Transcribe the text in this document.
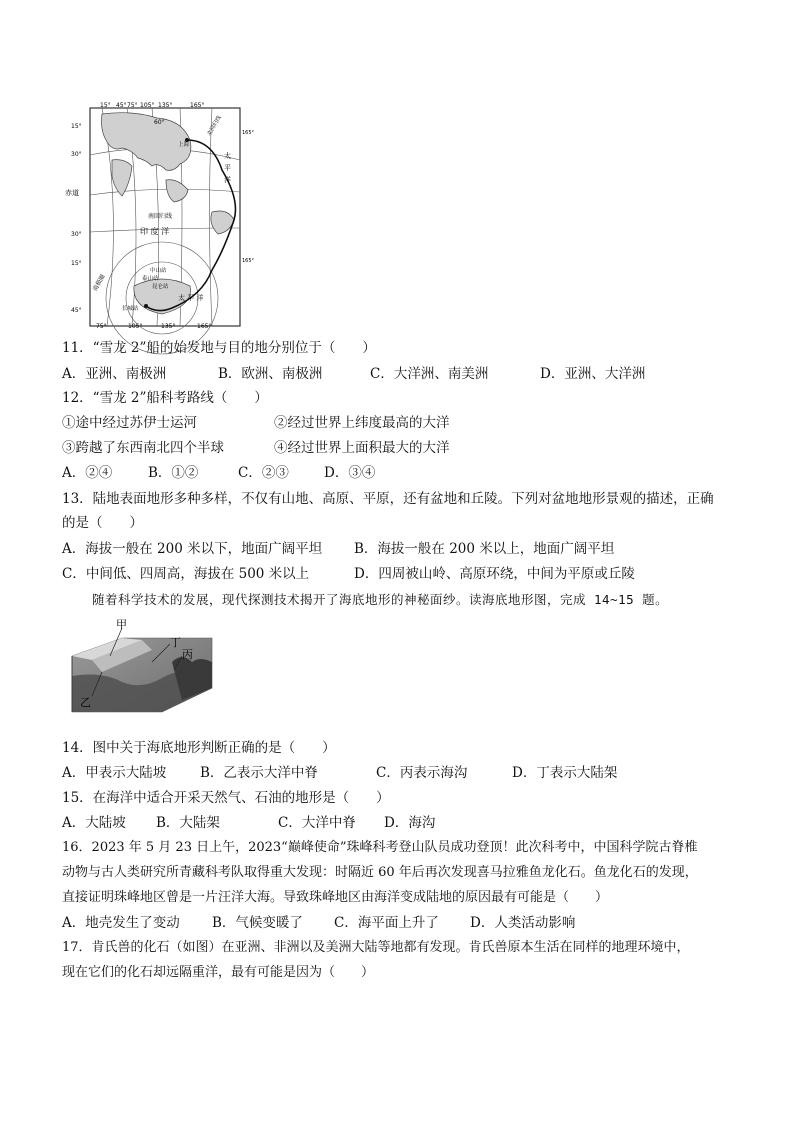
15° 45° 75° 105° 135°	165°
15°
30°
赤道
30°
15°
45°
165°
165°
75°	105°	135°	165°
60°
上海
北回归线
太
平
洋
南回归线
印 度 洋
南极圈
中山站
泰山站
昆仑站
太 平 洋
长城站
11．“雪龙 2”船的始发地与目的地分别位于（　　）
A．亚洲、南极洲	B．欧洲、南极洲	C．大洋洲、南美洲	D．亚洲、大洋洲
12．“雪龙 2”船科考路线（　　）
①途中经过苏伊士运河	②经过世界上纬度最高的大洋
③跨越了东西南北四个半球	④经过世界上面积最大的大洋
A．②④	B．①②	C．②③	D．③④
13．陆地表面地形多种多样，不仅有山地、高原、平原，还有盆地和丘陵。下列对盆地地形景观的描述，正确
的是（　　）
A．海拔一般在 200 米以下，地面广阔平坦 B．海拔一般在 200 米以上，地面广阔平坦
C．中间低、四周高，海拔在 500 米以上	D．四周被山岭、高原环绕，中间为平原或丘陵
随着科学技术的发展，现代探测技术揭开了海底地形的神秘面纱。读海底地形图，完成 14~15 题。
甲
丁
丙
乙
14．图中关于海底地形判断正确的是（　　）
A．甲表示大陆坡	B．乙表示大洋中脊	C．丙表示海沟	D．丁表示大陆架
15．在海洋中适合开采天然气、石油的地形是（　　）
A．大陆坡 B．大陆架	C．大洋中脊 D．海沟
16．2023 年 5 月 23 日上午，2023“巅峰使命”珠峰科考登山队员成功登顶！此次科考中，中国科学院古脊椎
动物与古人类研究所青藏科考队取得重大发现：时隔近 60 年后再次发现喜马拉雅鱼龙化石。鱼龙化石的发现，
直接证明珠峰地区曾是一片汪洋大海。导致珠峰地区由海洋变成陆地的原因最有可能是（　　）
A．地壳发生了变动 B．气候变暖了 C．海平面上升了 D．人类活动影响
17．肯氏兽的化石（如图）在亚洲、非洲以及美洲大陆等地都有发现。肯氏兽原本生活在同样的地理环境中，
现在它们的化石却远隔重洋，最有可能是因为（　　）
